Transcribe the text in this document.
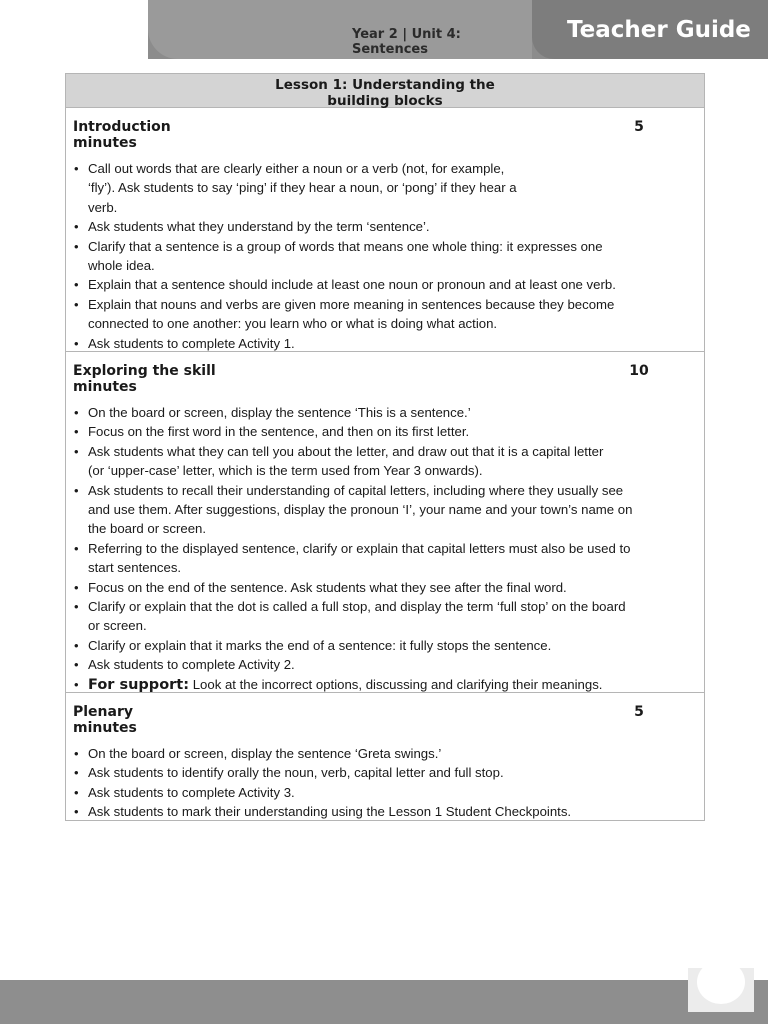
Year 2 | Unit 4:
Sentences
Teacher Guide
Lesson 1: Understanding the
building blocks
Introduction	5
minutes
• Call out words that are clearly either a noun or a verb (not, for example,
‘fly’). Ask students to say ‘ping’ if they hear a noun, or ‘pong’ if they hear a
verb.
• Ask students what they understand by the term ‘sentence’.
• Clarify that a sentence is a group of words that means one whole thing: it expresses one
whole idea.
• Explain that a sentence should include at least one noun or pronoun and at least one verb.
• Explain that nouns and verbs are given more meaning in sentences because they become
connected to one another: you learn who or what is doing what action.
• Ask students to complete Activity 1.
Exploring the skill	10
minutes
• On the board or screen, display the sentence ‘This is a sentence.’
• Focus on the first word in the sentence, and then on its first letter.
• Ask students what they can tell you about the letter, and draw out that it is a capital letter
(or ‘upper-case’ letter, which is the term used from Year 3 onwards).
• Ask students to recall their understanding of capital letters, including where they usually see
and use them. After suggestions, display the pronoun ‘I’, your name and your town’s name on
the board or screen.
• Referring to the displayed sentence, clarify or explain that capital letters must also be used to
start sentences.
• Focus on the end of the sentence. Ask students what they see after the final word.
• Clarify or explain that the dot is called a full stop, and display the term ‘full stop’ on the board
or screen.
• Clarify or explain that it marks the end of a sentence: it fully stops the sentence.
• Ask students to complete Activity 2.
• For support: Look at the incorrect options, discussing and clarifying their meanings.
Plenary	5
minutes
• On the board or screen, display the sentence ‘Greta swings.’
• Ask students to identify orally the noun, verb, capital letter and full stop.
• Ask students to complete Activity 3.
• Ask students to mark their understanding using the Lesson 1 Student Checkpoints.
